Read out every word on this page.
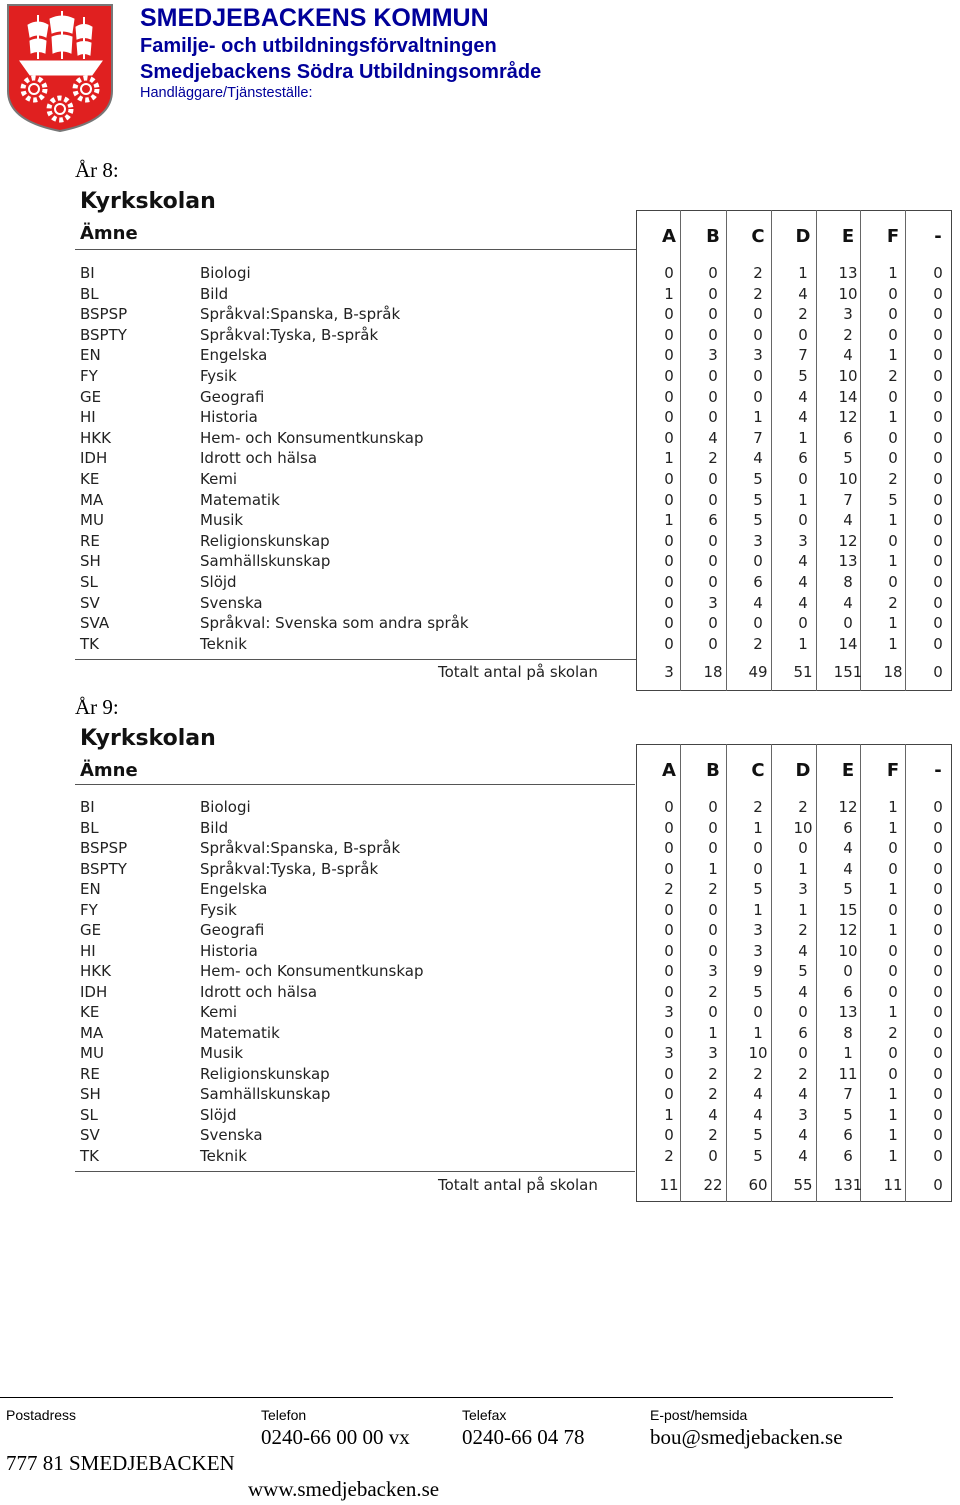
SMEDJEBACKENS KOMMUN
Familje- och utbildningsförvaltningen
Smedjebackens Södra Utbildningsområde
Handläggare/Tjänsteställe:
År 8:
År 9:
Kyrkskolan
Ämne	A	B	C	D	E	F	-
BI	Biologi	0	0	2	1	13	1	0
BL	Bild	1	0	2	4	10	0	0
BSPSP	Språkval:Spanska, B-språk	0	0	0	2	3	0	0
BSPTY	Språkval:Tyska, B-språk	0	0	0	0	2	0	0
EN	Engelska	0	3	3	7	4	1	0
FY	Fysik	0	0	0	5	10	2	0
GE	Geografi	0	0	0	4	14	0	0
HI	Historia	0	0	1	4	12	1	0
HKK	Hem- och Konsumentkunskap	0	4	7	1	6	0	0
IDH	Idrott och hälsa	1	2	4	6	5	0	0
KE	Kemi	0	0	5	0	10	2	0
MA	Matematik	0	0	5	1	7	5	0
MU	Musik	1	6	5	0	4	1	0
RE	Religionskunskap	0	0	3	3	12	0	0
SH	Samhällskunskap	0	0	0	4	13	1	0
SL	Slöjd	0	0	6	4	8	0	0
SV	Svenska	0	3	4	4	4	2	0
SVA	Språkval: Svenska som andra språk	0	0	0	0	0	1	0
TK	Teknik	0	0	2	1	14	1	0
Totalt antal på skolan	3	18	49	51	151	18	0
Kyrkskolan
Ämne	A	B	C	D	E	F	-
BI	Biologi	0	0	2	2	12	1	0
BL	Bild	0	0	1	10	6	1	0
BSPSP	Språkval:Spanska, B-språk	0	0	0	0	4	0	0
BSPTY	Språkval:Tyska, B-språk	0	1	0	1	4	0	0
EN	Engelska	2	2	5	3	5	1	0
FY	Fysik	0	0	1	1	15	0	0
GE	Geografi	0	0	3	2	12	1	0
HI	Historia	0	0	3	4	10	0	0
HKK	Hem- och Konsumentkunskap	0	3	9	5	0	0	0
IDH	Idrott och hälsa	0	2	5	4	6	0	0
KE	Kemi	3	0	0	0	13	1	0
MA	Matematik	0	1	1	6	8	2	0
MU	Musik	3	3	10	0	1	0	0
RE	Religionskunskap	0	2	2	2	11	0	0
SH	Samhällskunskap	0	2	4	4	7	1	0
SL	Slöjd	1	4	4	3	5	1	0
SV	Svenska	0	2	5	4	6	1	0
TK	Teknik	2	0	5	4	6	1	0
Totalt antal på skolan	11	22	60	55	131	11	0
Postadress	Telefon	Telefax	E-post/hemsida
0240-66 00 00 vx 0240-66 04 78	bou@smedjebacken.se
777 81 SMEDJEBACKEN
www.smedjebacken.se
